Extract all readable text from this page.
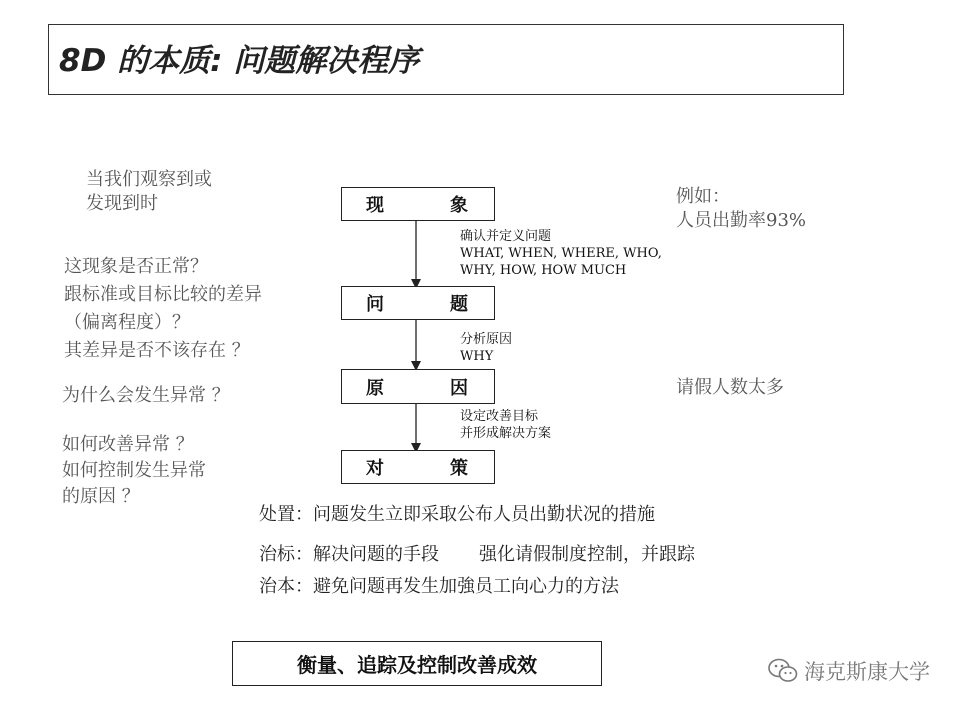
8D 的本质: 问题解决程序
当我们观察到或
发现到时
这现象是否正常？
跟标准或目标比较的差异
（偏离程度）？
其差异是否不该存在 ？
为什么会发生异常 ？
如何改善异常 ？
如何控制发生异常
的原因 ？
现	象
问	题
原	因
对	策
确认并定义问题
WHAT, WHEN, WHERE, WHO,
WHY, HOW, HOW MUCH
分析原因
WHY
设定改善目标
并形成解决方案
例如：
人员出勤率93%
请假人数太多
处置：问题发生立即采取公布人员出勤状况的措施
治标：解决问题的手段       强化请假制度控制，并跟踪
治本：避免问题再发生加強员工向心力的方法
衡量、追踪及控制改善成效	海克斯康大学
